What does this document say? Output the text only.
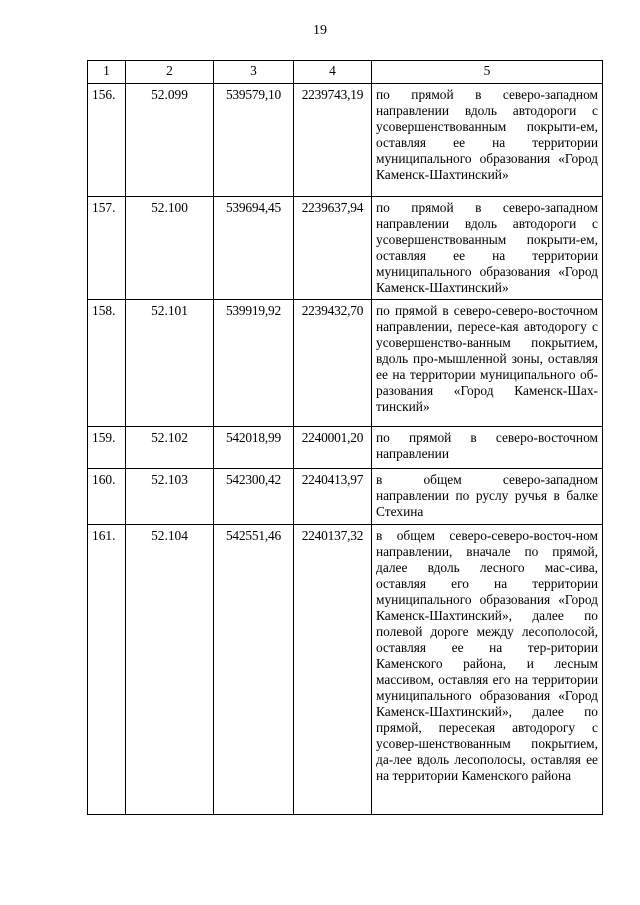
19
1	2	3	4	5
156.	52.099	539579,10	2239743,19	по прямой в северо-западном направлении вдоль автодороги с усовершенствованным покрыти-ем, оставляя ее на территории муниципального образования «Город Каменск-Шахтинский»
157.	52.100	539694,45	2239637,94	по прямой в северо-западном направлении вдоль автодороги с усовершенствованным покрыти-ем, оставляя ее на территории муниципального образования «Город Каменск-Шахтинский»
158.	52.101	539919,92	2239432,70	по прямой в северо-северо-восточном направлении, пересе-кая автодорогу с усовершенство-ванным покрытием, вдоль про-мышленной зоны, оставляя ее на территории муниципального об-разования «Город Каменск-Шах-тинский»
159.	52.102	542018,99	2240001,20	по прямой в северо-восточном направлении
160.	52.103	542300,42	2240413,97	в общем северо-западном направлении по руслу ручья в балке Стехина
161.	52.104	542551,46	2240137,32	в общем северо-северо-восточ-ном направлении, вначале по прямой, далее вдоль лесного мас-сива, оставляя его на территории муниципального образования «Город Каменск-Шахтинский», далее по полевой дороге между лесополосой, оставляя ее на тер-ритории Каменского района, и лесным массивом, оставляя его на территории муниципального образования «Город Каменск-Шахтинский», далее по прямой, пересекая автодорогу с усовер-шенствованным покрытием, да-лее вдоль лесополосы, оставляя ее на территории Каменского района
